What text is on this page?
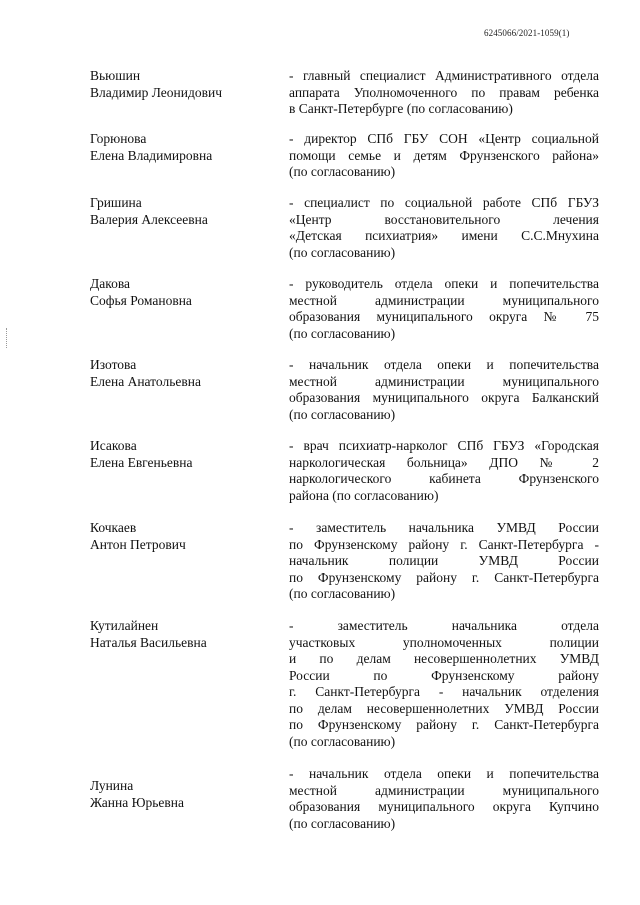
6245066/2021-1059(1)
Вьюшин
Владимир Леонидович
- главный специалист Административного отдела
аппарата Уполномоченного по правам ребенка
в Санкт-Петербурге (по согласованию)
Горюнова
Елена Владимировна
- директор СПб ГБУ СОН «Центр социальной
помощи семье и детям Фрунзенского района»
(по согласованию)
Гришина
Валерия Алексеевна
- специалист по социальной работе СПб ГБУЗ
«Центр восстановительного лечения
«Детская психиатрия» имени С.С.Мнухина
(по согласованию)
Дакова
Софья Романовна
- руководитель отдела опеки и попечительства
местной администрации муниципального
образования муниципального округа № 75
(по согласованию)
Изотова
Елена Анатольевна
- начальник отдела опеки и попечительства
местной администрации муниципального
образования муниципального округа Балканский
(по согласованию)
Исакова
Елена Евгеньевна
- врач психиатр-нарколог СПб ГБУЗ «Городская
наркологическая больница» ДПО № 2
наркологического кабинета Фрунзенского
района (по согласованию)
Кочкаев
Антон Петрович
- заместитель начальника УМВД России
по Фрунзенскому району г. Санкт-Петербурга -
начальник полиции УМВД России
по Фрунзенскому району г. Санкт-Петербурга
(по согласованию)
Кутилайнен
Наталья Васильевна
- заместитель начальника отдела
участковых уполномоченных полиции
и по делам несовершеннолетних УМВД
России по Фрунзенскому району
г. Санкт-Петербурга - начальник отделения
по делам несовершеннолетних УМВД России
по Фрунзенскому району г. Санкт-Петербурга
(по согласованию)
Лунина
Жанна Юрьевна
- начальник отдела опеки и попечительства
местной администрации муниципального
образования муниципального округа Купчино
(по согласованию)
